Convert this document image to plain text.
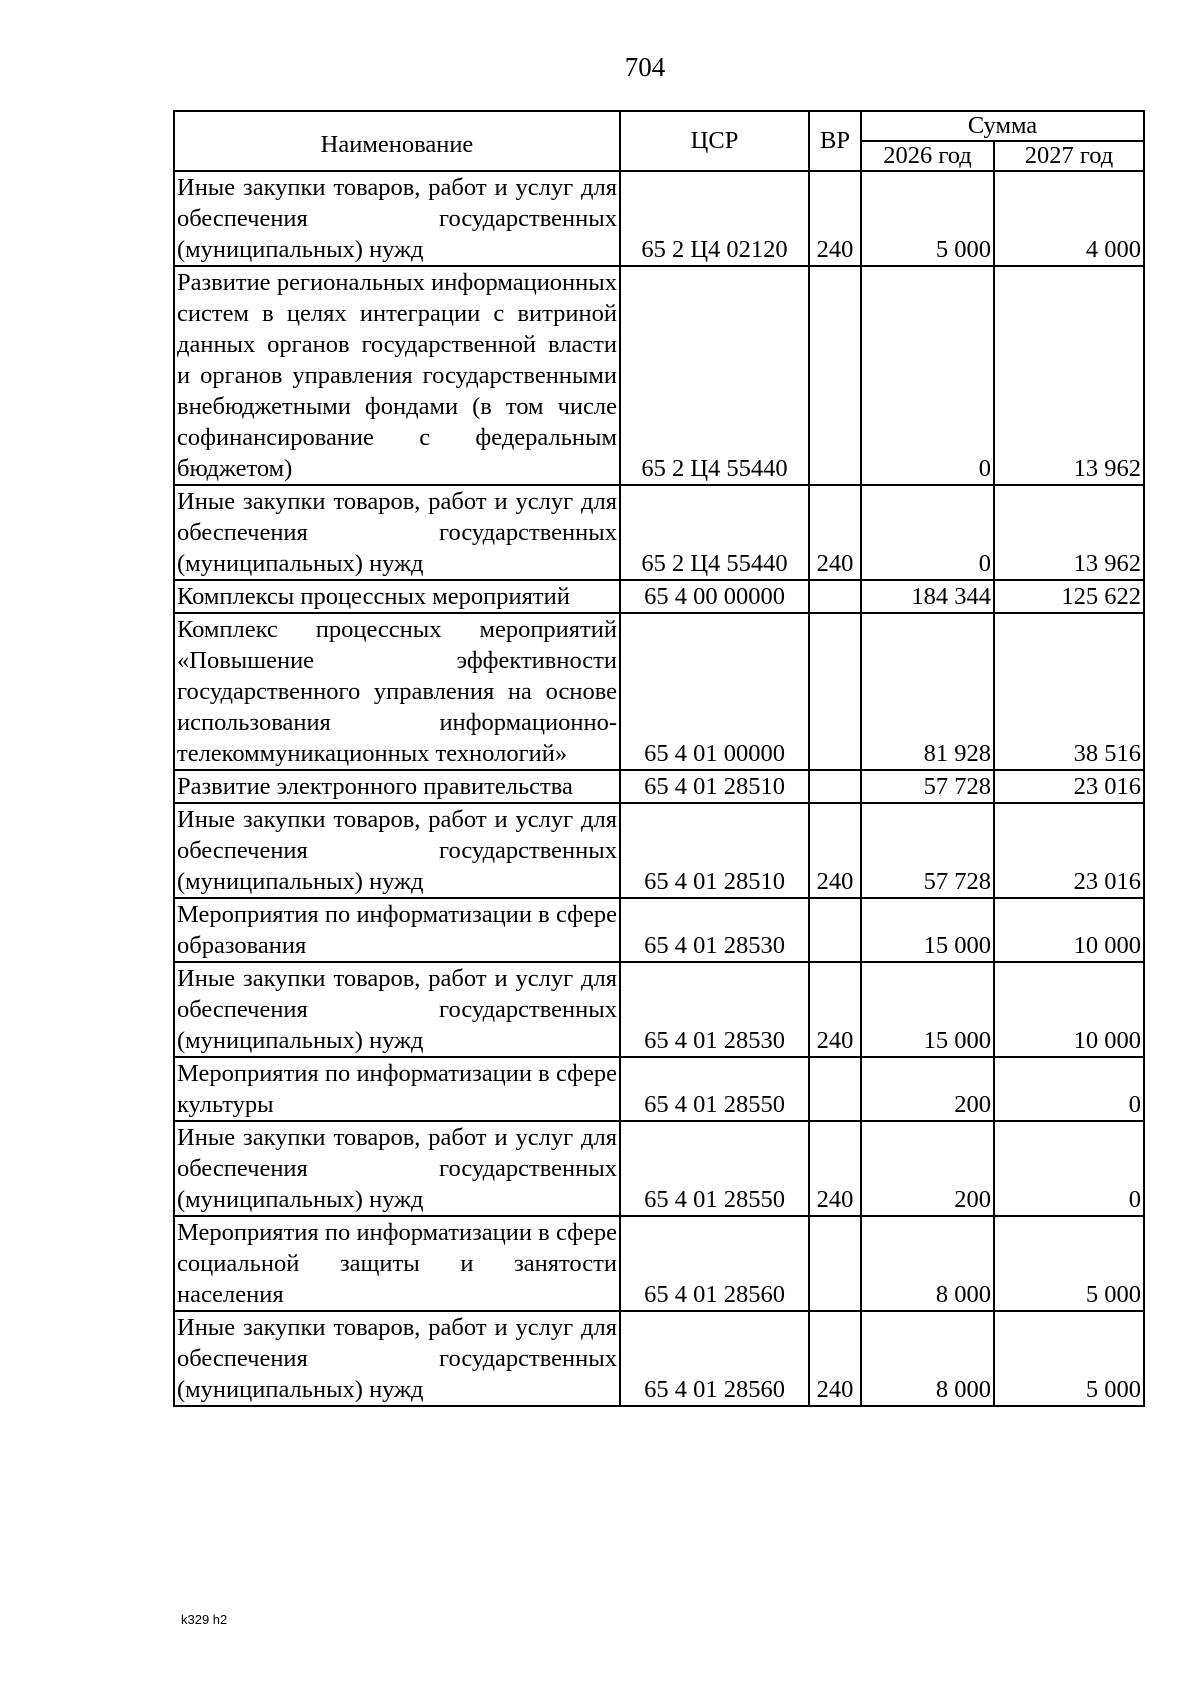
704
Наименование	ЦСР	ВР	Сумма	
			2026 год	2027 год
Иные закупки товаров, работ и услуг для обеспечения государственных (муниципальных) нужд	65 2 Ц4 02120	240	5 000	4 000
Развитие региональных информационных систем в целях интеграции с витриной данных органов государственной власти и органов управления государственными внебюджетными фондами (в том числе софинансирование с федеральным бюджетом)	65 2 Ц4 55440		0	13 962
Иные закупки товаров, работ и услуг для обеспечения государственных (муниципальных) нужд	65 2 Ц4 55440	240	0	13 962
Комплексы процессных мероприятий	65 4 00 00000		184 344	125 622
Комплекс процессных мероприятий «Повышение эффективности государственного управления на основе использования информационно-телекоммуникационных технологий»	65 4 01 00000		81 928	38 516
Развитие электронного правительства	65 4 01 28510		57 728	23 016
Иные закупки товаров, работ и услуг для обеспечения государственных (муниципальных) нужд	65 4 01 28510	240	57 728	23 016
Мероприятия по информатизации в сфере образования	65 4 01 28530		15 000	10 000
Иные закупки товаров, работ и услуг для обеспечения государственных (муниципальных) нужд	65 4 01 28530	240	15 000	10 000
Мероприятия по информатизации в сфере культуры	65 4 01 28550		200	0
Иные закупки товаров, работ и услуг для обеспечения государственных (муниципальных) нужд	65 4 01 28550	240	200	0
Мероприятия по информатизации в сфере социальной защиты и занятости населения	65 4 01 28560		8 000	5 000
Иные закупки товаров, работ и услуг для обеспечения государственных (муниципальных) нужд	65 4 01 28560	240	8 000	5 000
k329 h2
